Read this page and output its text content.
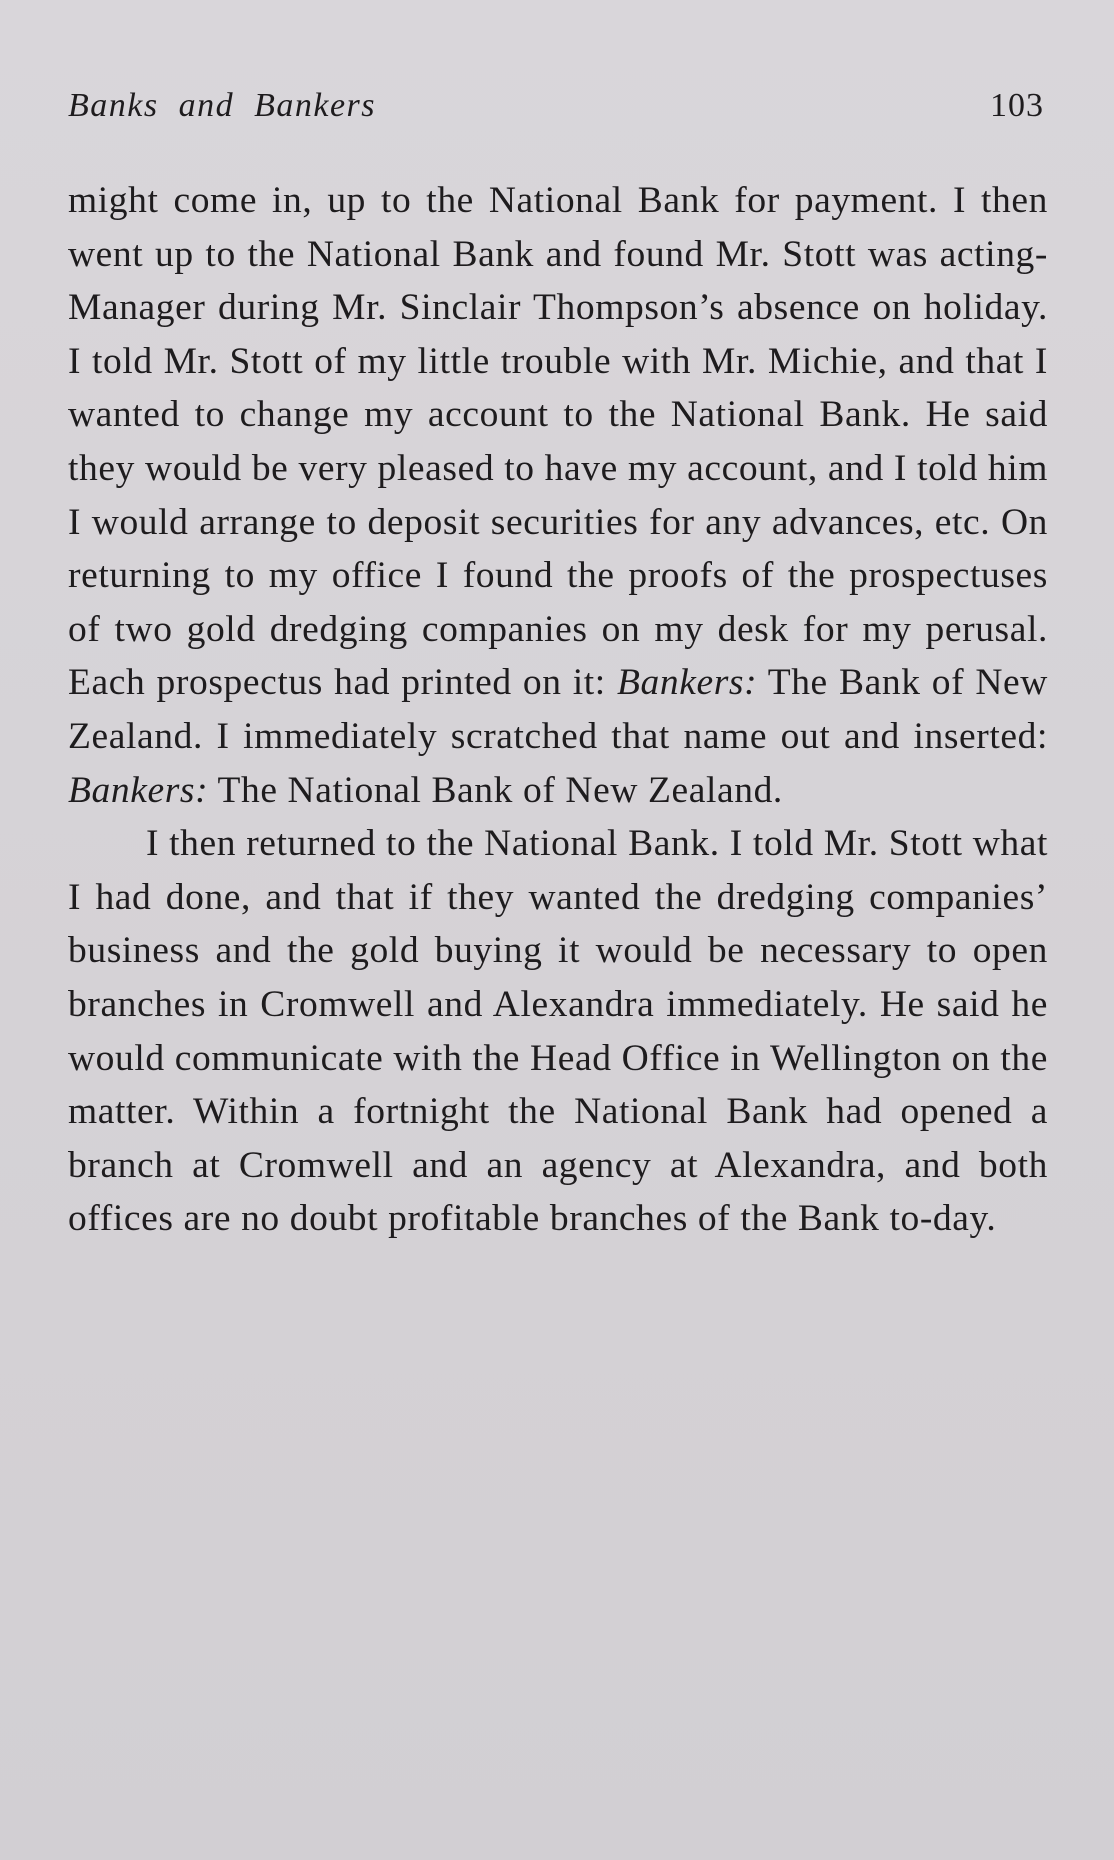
Banks and Bankers	103

might come in, up to the National Bank for payment. I then went up to the National Bank and found Mr. Stott was acting-Manager during Mr. Sinclair Thompson’s absence on holiday. I told Mr. Stott of my little trouble with Mr. Michie, and that I wanted to change my account to the National Bank. He said they would be very pleased to have my account, and I told him I would arrange to deposit securities for any advances, etc. On returning to my office I found the proofs of the prospectuses of two gold dredging companies on my desk for my perusal. Each prospectus had printed on it: Bankers: The Bank of New Zealand. I immediately scratched that name out and inserted: Bankers: The National Bank of New Zealand.

I then returned to the National Bank. I told Mr. Stott what I had done, and that if they wanted the dredging companies’ business and the gold buying it would be necessary to open branches in Cromwell and Alexandra immediately. He said he would communicate with the Head Office in Wellington on the matter. Within a fortnight the National Bank had opened a branch at Cromwell and an agency at Alexandra, and both offices are no doubt profitable branches of the Bank to-day.
